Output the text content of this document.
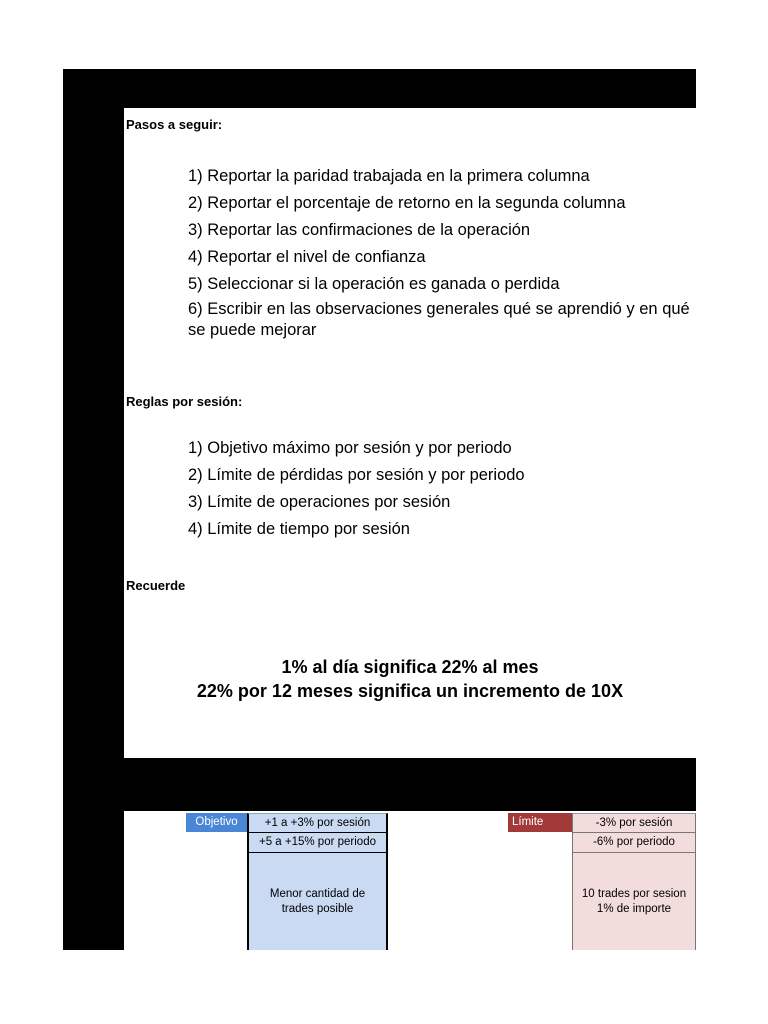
Pasos a seguir:
1) Reportar la paridad trabajada en la primera columna
2) Reportar el porcentaje de retorno en la segunda columna
3) Reportar las confirmaciones de la operación
4) Reportar el nivel de confianza
5) Seleccionar si la operación es ganada o perdida
6) Escribir en las observaciones generales qué se aprendió y en qué se puede mejorar
Reglas por sesión:
1) Objetivo máximo por sesión y por periodo
2) Límite de pérdidas por sesión y por periodo
3) Límite de operaciones por sesión
4) Límite de tiempo por sesión
Recuerde
1% al día significa 22% al mes
22% por 12 meses significa un incremento de 10X
Objetivo	+1 a +3% por sesión
+5 a +15% por periodo
Menor cantidad de trades posible
Límite	-3% por sesión
-6% por periodo
10 trades por sesion
1% de importe
